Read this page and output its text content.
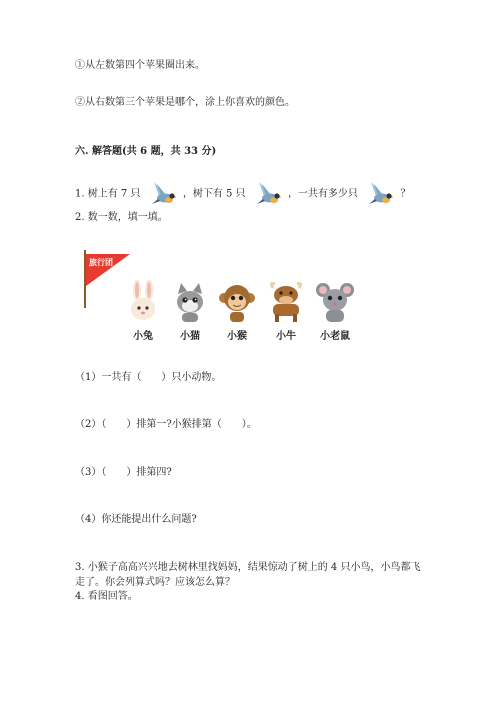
①从左数第四个苹果圈出来。
②从右数第三个苹果是哪个，涂上你喜欢的颜色。
六. 解答题(共 6 题，共 33 分)
1. 树上有 7 只	，树下有 5 只	，一共有多少只	？
2. 数一数，填一填。
旅行团
小兔	小猫	小猴	小牛	小老鼠
（1）一共有（　　）只小动物。
（2）（　　）排第一?小猴排第（　　）。
（3）（　　）排第四?
（4）你还能提出什么问题?
3. 小猴子高高兴兴地去树林里找妈妈，结果惊动了树上的 4 只小鸟，小鸟都飞
走了。你会列算式吗？应该怎么算？
4. 看图回答。
